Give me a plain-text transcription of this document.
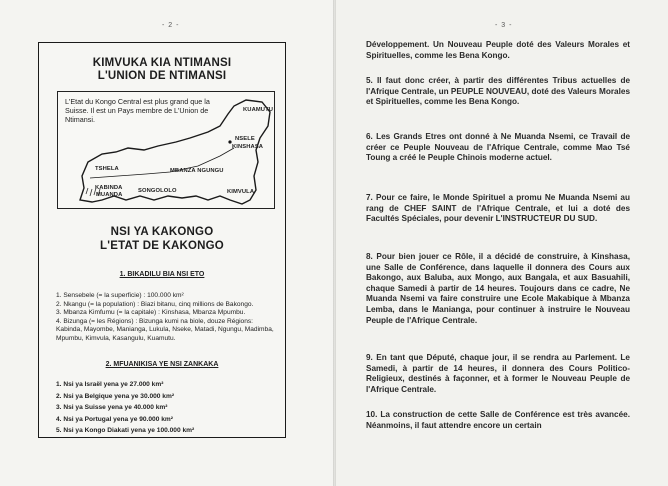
- 2 -	- 3 -
KIMVUKA KIA NTIMANSI
L'UNION DE NTIMANSI
L'Etat du Kongo Central est plus grand que la Suisse. Il est un Pays membre de L'Union de Ntimansi.
KUAMUTU
NSELE
KINSHASA
TSHELA	MBANZA NGUNGU
KABINDA
MUANDA
SONGOLOLO	KIMVULA
NSI YA KAKONGO
L'ETAT DE KAKONGO
1. BIKADILU BIA NSI ETO
1. Sensebele (= la superficie) : 100.000 km²
2. Nkangu (= la population) : Biazi bitanu, cinq millions de Bakongo.
3. Mbanza Kimfumu (= la capitale) : Kinshasa, Mbanza Mpumbu.
4. Bizunga (= les Régions) : Bizunga kumi na biole, douze Régions: Kabinda, Mayombe, Manianga, Lukula, Nseke, Matadi, Ngungu, Madimba, Mpumbu, Kimvula, Kasangulu, Kuamutu.
2. MFUANIKISA YE NSI ZANKAKA
1. Nsi ya Israël yena ye 27.000 km²
2. Nsi ya Belgique yena ye 30.000 km²
3. Nsi ya Suisse yena ye 40.000 km²
4. Nsi ya Portugal yena ye 90.000 km²
5. Nsi ya Kongo Diakati yena ye 100.000 km²

Développement. Un Nouveau Peuple doté des Valeurs Morales et Spirituelles, comme les Bena Kongo.

5. Il faut donc créer, à partir des différentes Tribus actuelles de l'Afrique Centrale, un PEUPLE NOUVEAU, doté des Valeurs Morales et Spirituelles, comme les Bena Kongo.

6. Les Grands Etres ont donné à Ne Muanda Nsemi, ce Travail de créer ce Peuple Nouveau de l'Afrique Centrale, comme Mao Tsé Toung a créé le Peuple Chinois moderne actuel.

7. Pour ce faire, le Monde Spirituel a promu Ne Muanda Nsemi au rang de CHEF SAINT de l'Afrique Centrale, et lui a doté des Facultés Spéciales, pour devenir L'INSTRUCTEUR DU SUD.

8. Pour bien jouer ce Rôle, il a décidé de construire, à Kinshasa, une Salle de Conférence, dans laquelle il donnera des Cours aux Bakongo, aux Baluba, aux Mongo, aux Bangala, et aux Basuahili, chaque Samedi à partir de 14 heures. Toujours dans ce cadre, Ne Muanda Nsemi va faire construire une Ecole Makabique à Mbanza Lemba, dans le Manianga, pour continuer à instruire le Nouveau Peuple de l'Afrique Centrale.

9. En tant que Député, chaque jour, il se rendra au Parlement. Le Samedi, à partir de 14 heures, il donnera des Cours Politico-Religieux, destinés à façonner, et à former le Nouveau Peuple de l'Afrique Centrale.

10. La construction de cette Salle de Conférence est très avancée. Néanmoins, il faut attendre encore un certain
